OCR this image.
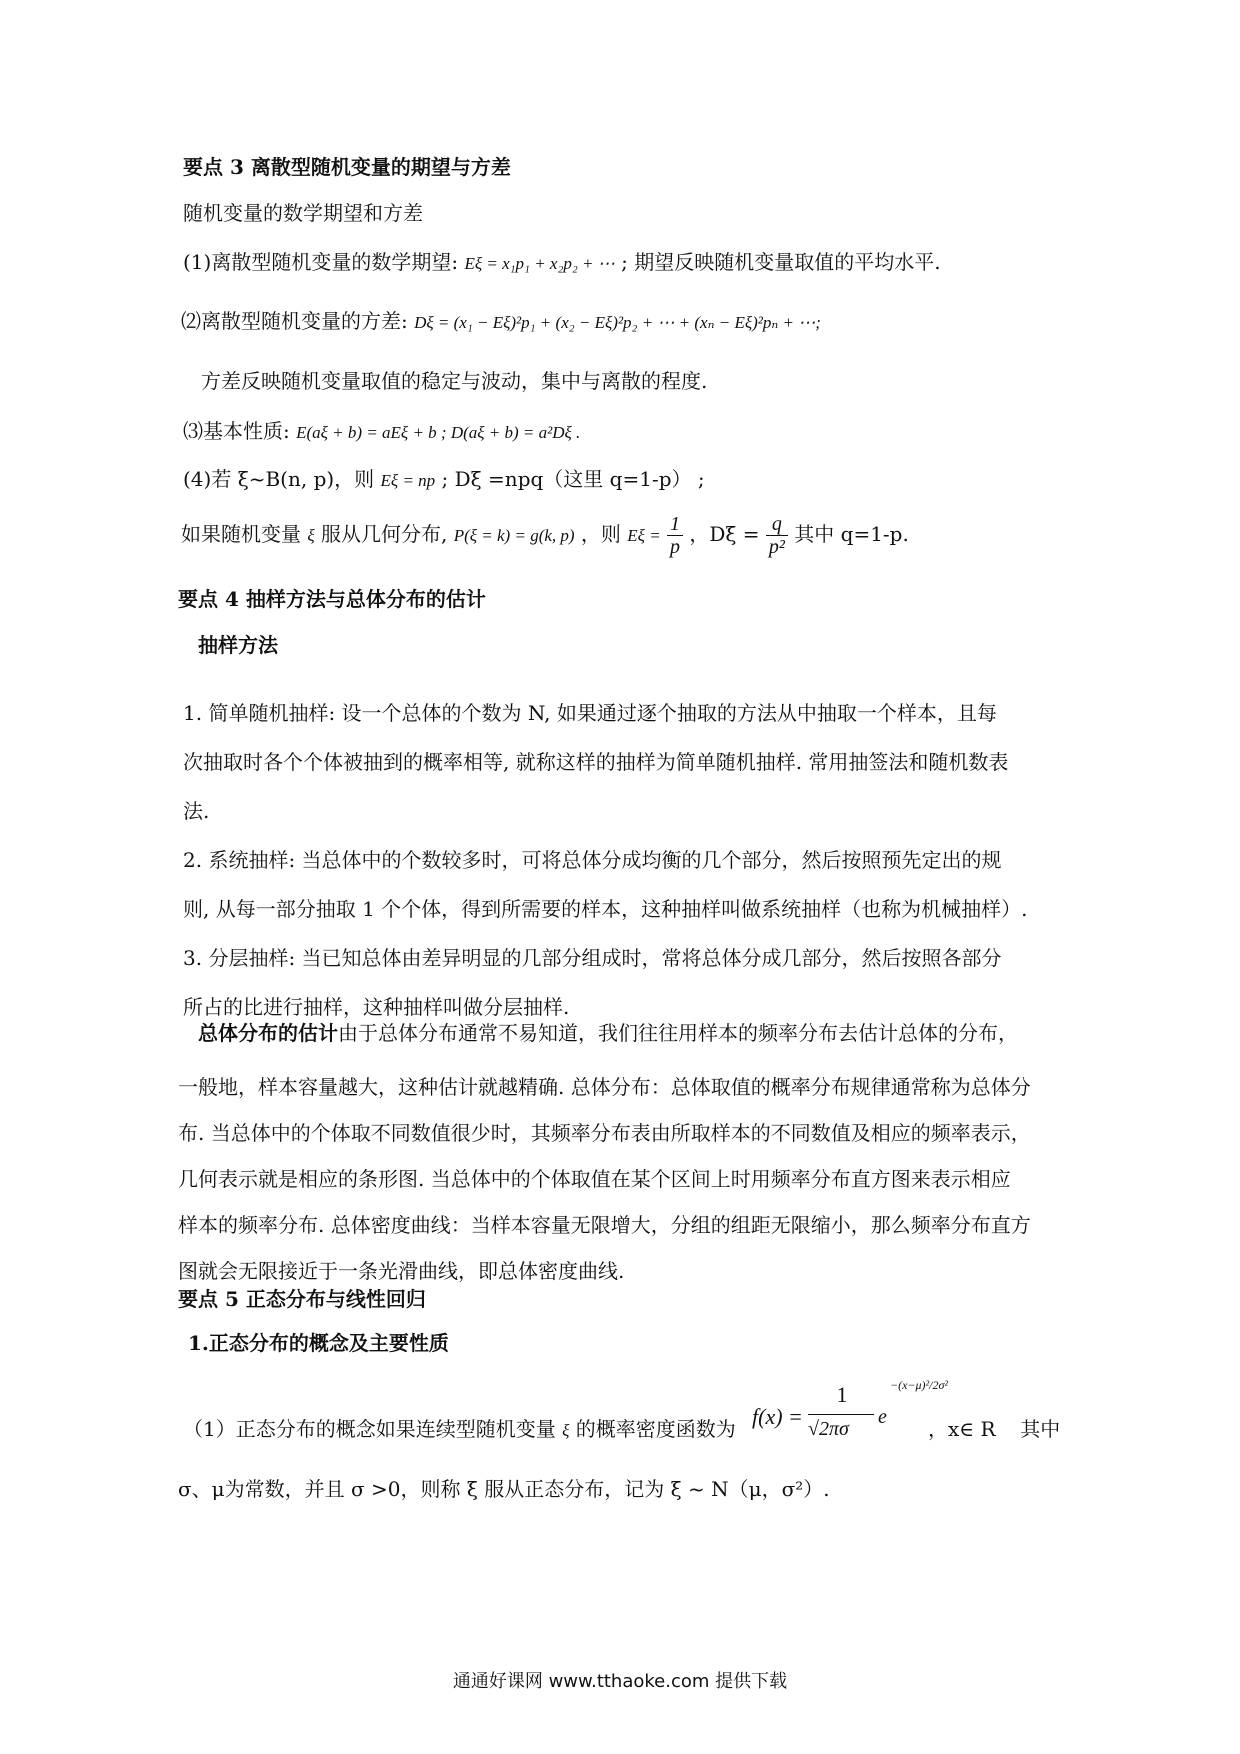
要点 3 离散型随机变量的期望与方差
随机变量的数学期望和方差
(1)离散型随机变量的数学期望: Eξ = x₁p₁ + x₂p₂ + ⋯ ; 期望反映随机变量取值的平均水平.
⑵离散型随机变量的方差: Dξ = (x₁ − Eξ)²p₁ + (x₂ − Eξ)²p₂ + ⋯ + (xₙ − Eξ)²pₙ + ⋯;
方差反映随机变量取值的稳定与波动，集中与离散的程度.
⑶基本性质: E(aξ + b) = aEξ + b ; D(aξ + b) = a²Dξ .
(4)若 ξ~B(n, p)，则 Eξ = np ; Dξ =npq（这里 q=1-p） ;
如果随机变量 ξ 服从几何分布, P(ξ = k) = g(k, p) ，则 $E\xi = \frac{1}{p}$ ，$D\xi = \frac{q}{\text{p²}}$ 其中 q=1-p.
要点 4 抽样方法与总体分布的估计
抽样方法
1. 简单随机抽样: 设一个总体的个数为 N, 如果通过逐个抽取的方法从中抽取一个样本，且每
次抽取时各个个体被抽到的概率相等, 就称这样的抽样为简单随机抽样. 常用抽签法和随机数表
法.
2. 系统抽样: 当总体中的个数较多时，可将总体分成均衡的几个部分，然后按照预先定出的规
则, 从每一部分抽取 1 个个体，得到所需要的样本，这种抽样叫做系统抽样（也称为机械抽样）.
3. 分层抽样: 当已知总体由差异明显的几部分组成时，常将总体分成几部分，然后按照各部分
所占的比进行抽样，这种抽样叫做分层抽样.
总体分布的估计由于总体分布通常不易知道，我们往往用样本的频率分布去估计总体的分布，
一般地，样本容量越大，这种估计就越精确. 总体分布：总体取值的概率分布规律通常称为总体分
布. 当总体中的个体取不同数值很少时，其频率分布表由所取样本的不同数值及相应的频率表示，
几何表示就是相应的条形图. 当总体中的个体取值在某个区间上时用频率分布直方图来表示相应
样本的频率分布. 总体密度曲线：当样本容量无限增大，分组的组距无限缩小，那么频率分布直方
图就会无限接近于一条光滑曲线，即总体密度曲线.
要点 5 正态分布与线性回归
1.正态分布的概念及主要性质
f(x) =
1
√2πσ
e
−(x−μ)²/2σ²
（1）正态分布的概念如果连续型随机变量 ξ 的概率密度函数为	，x∈ R 其中
σ、μ为常数，并且 σ >0，则称 ξ 服从正态分布，记为 ξ ~ N（μ，σ²）.
通通好课网 www.tthaoke.com 提供下载
